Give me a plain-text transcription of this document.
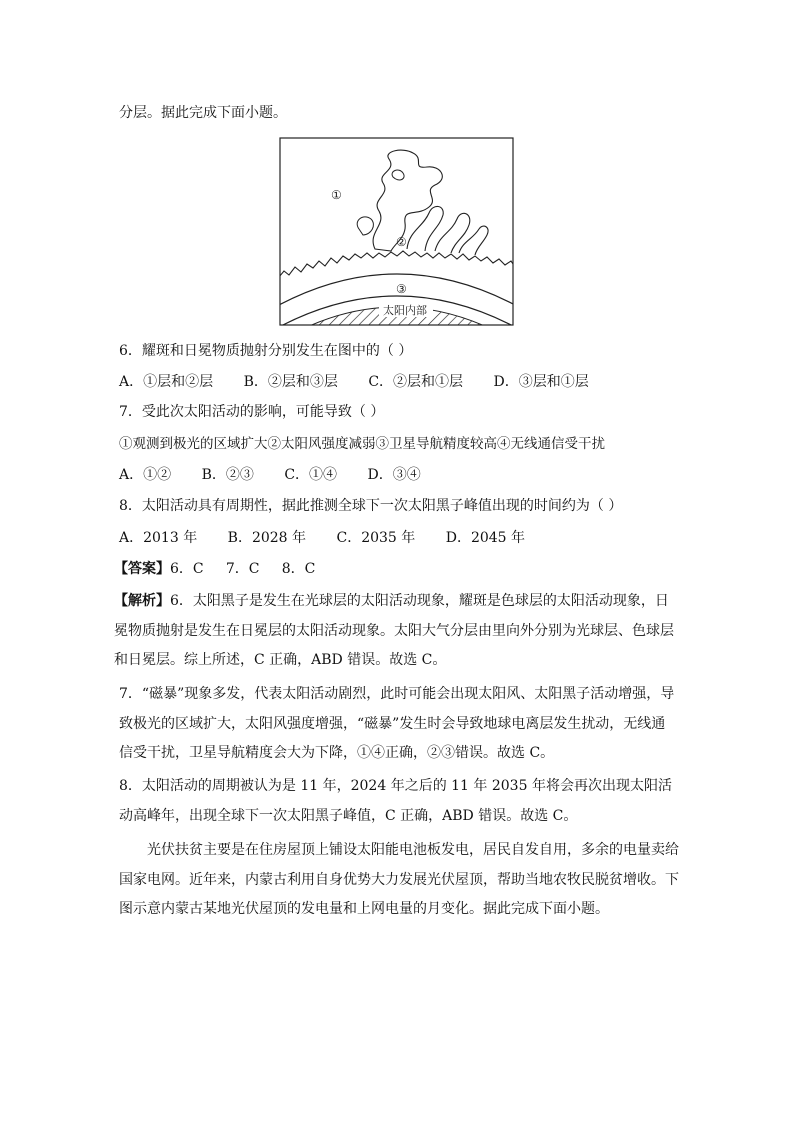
分层。据此完成下面小题。
①
②
③
太阳内部
6．耀斑和日冕物质抛射分别发生在图中的（ ）
A．①层和②层 B．②层和③层 C．②层和①层 D．③层和①层
7．受此次太阳活动的影响，可能导致（ ）
①观测到极光的区域扩大②太阳风强度减弱③卫星导航精度较高④无线通信受干扰
A．①② B．②③ C．①④ D．③④
8．太阳活动具有周期性，据此推测全球下一次太阳黑子峰值出现的时间约为（ ）
A．2013 年 B．2028 年 C．2035 年 D．2045 年
【答案】6．C     7．C     8．C
【解析】6．太阳黑子是发生在光球层的太阳活动现象，耀斑是色球层的太阳活动现象，日冕物质抛射是发生在日冕层的太阳活动现象。太阳大气分层由里向外分别为光球层、色球层和日冕层。综上所述，C 正确，ABD 错误。故选 C。
7．“磁暴”现象多发，代表太阳活动剧烈，此时可能会出现太阳风、太阳黑子活动增强，导致极光的区域扩大，太阳风强度增强，“磁暴”发生时会导致地球电离层发生扰动，无线通信受干扰，卫星导航精度会大为下降，①④正确，②③错误。故选 C。
8．太阳活动的周期被认为是 11 年，2024 年之后的 11 年 2035 年将会再次出现太阳活动高峰年，出现全球下一次太阳黑子峰值，C 正确，ABD 错误。故选 C。
光伏扶贫主要是在住房屋顶上铺设太阳能电池板发电，居民自发自用，多余的电量卖给国家电网。近年来，内蒙古利用自身优势大力发展光伏屋顶，帮助当地农牧民脱贫增收。下图示意内蒙古某地光伏屋顶的发电量和上网电量的月变化。据此完成下面小题。
